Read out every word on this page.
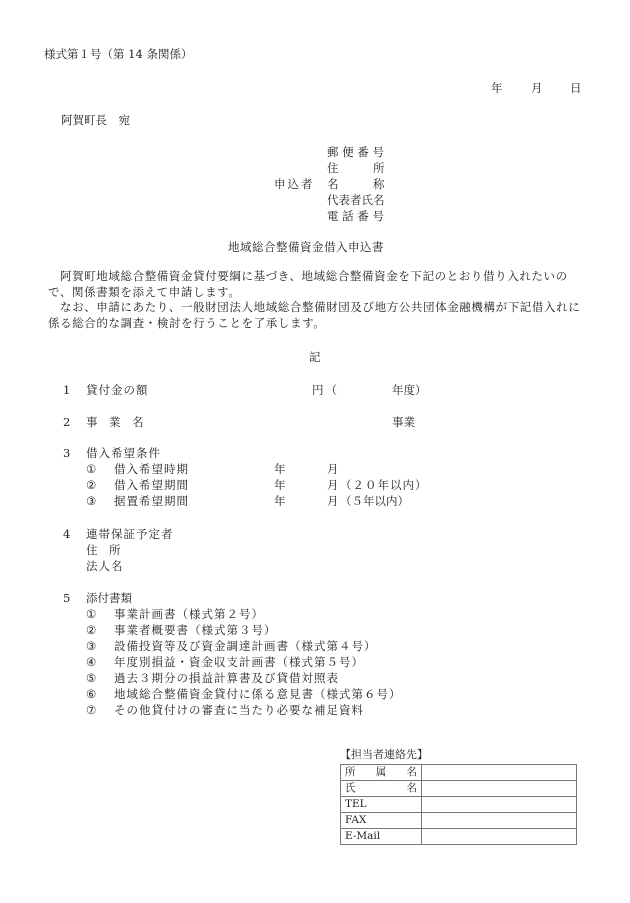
様式第１号（第 14 条関係）
年 月 日
阿賀町長　宛
申込者
郵 便 番 号
住　　　所
名　　　称
代表者氏名
電 話 番 号
地域総合整備資金借入申込書
阿賀町地域総合整備資金貸付要綱に基づき、地域総合整備資金を下記のとおり借り入れたいので、関係書類を添えて申請します。
なお、申請にあたり、一般財団法人地域総合整備財団及び地方公共団体金融機構が下記借入れに係る総合的な調査・検討を行うことを了承します。
記
1 貸付金の額	円（	年度）
2 事　業　名	事業
3 借入希望条件
① 借入希望時期	年	月
② 借入希望期間	年	月 （２０年以内）
③ 据置希望期間	年	月 （５年以内）
4 連帯保証予定者
住　所
法人名
5 添付書類
① 事業計画書（様式第２号）
② 事業者概要書（様式第３号）
③ 設備投資等及び資金調達計画書（様式第４号）
④ 年度別損益・資金収支計画書（様式第５号）
⑤ 過去３期分の損益計算書及び貸借対照表
⑥ 地域総合整備資金貸付に係る意見書（様式第６号）
⑦ その他貸付けの審査に当たり必要な補足資料
【担当者連絡先】
所属名	
氏名	
TEL	
FAX	
E-Mail	
